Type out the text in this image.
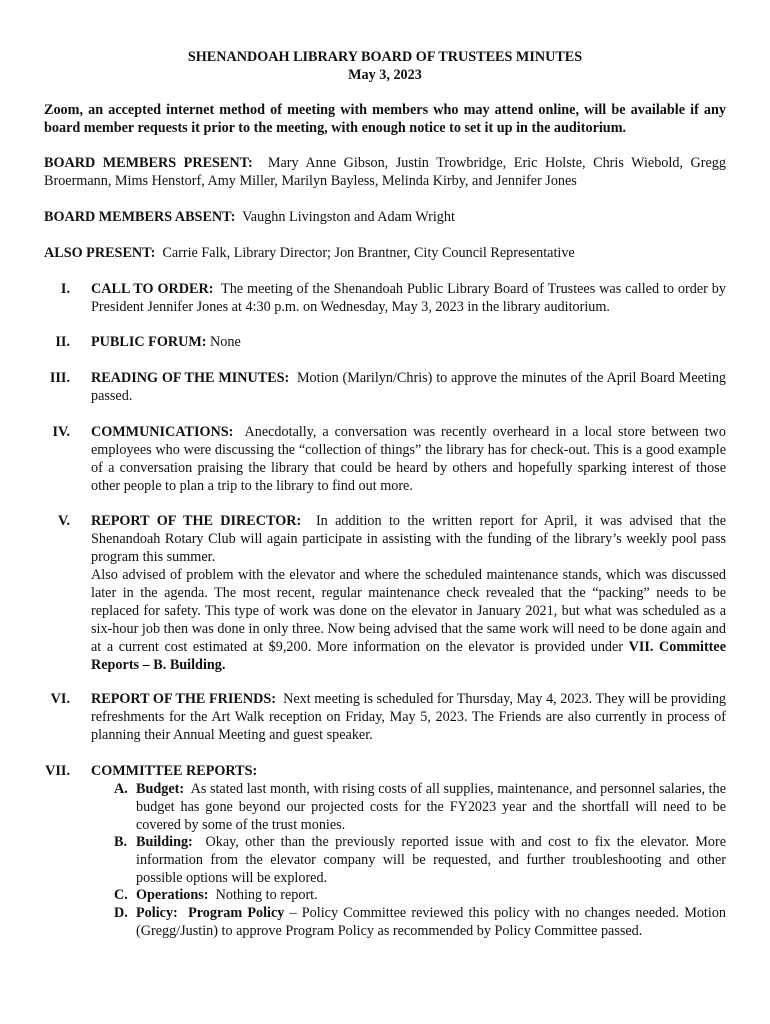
SHENANDOAH LIBRARY BOARD OF TRUSTEES MINUTES
May 3, 2023
Zoom, an accepted internet method of meeting with members who may attend online, will be available if any board member requests it prior to the meeting, with enough notice to set it up in the auditorium.
BOARD MEMBERS PRESENT: Mary Anne Gibson, Justin Trowbridge, Eric Holste, Chris Wiebold, Gregg Broermann, Mims Henstorf, Amy Miller, Marilyn Bayless, Melinda Kirby, and Jennifer Jones
BOARD MEMBERS ABSENT: Vaughn Livingston and Adam Wright
ALSO PRESENT: Carrie Falk, Library Director; Jon Brantner, City Council Representative
I. CALL TO ORDER: The meeting of the Shenandoah Public Library Board of Trustees was called to order by President Jennifer Jones at 4:30 p.m. on Wednesday, May 3, 2023 in the library auditorium.
II. PUBLIC FORUM: None
III. READING OF THE MINUTES: Motion (Marilyn/Chris) to approve the minutes of the April Board Meeting passed.
IV. COMMUNICATIONS: Anecdotally, a conversation was recently overheard in a local store between two employees who were discussing the “collection of things” the library has for check-out. This is a good example of a conversation praising the library that could be heard by others and hopefully sparking interest of those other people to plan a trip to the library to find out more.
V. REPORT OF THE DIRECTOR: In addition to the written report for April, it was advised that the Shenandoah Rotary Club will again participate in assisting with the funding of the library’s weekly pool pass program this summer.
Also advised of problem with the elevator and where the scheduled maintenance stands, which was discussed later in the agenda. The most recent, regular maintenance check revealed that the “packing” needs to be replaced for safety. This type of work was done on the elevator in January 2021, but what was scheduled as a six-hour job then was done in only three. Now being advised that the same work will need to be done again and at a current cost estimated at $9,200. More information on the elevator is provided under VII. Committee Reports – B. Building.
VI. REPORT OF THE FRIENDS: Next meeting is scheduled for Thursday, May 4, 2023. They will be providing refreshments for the Art Walk reception on Friday, May 5, 2023. The Friends are also currently in process of planning their Annual Meeting and guest speaker.
VII. COMMITTEE REPORTS:
A. Budget: As stated last month, with rising costs of all supplies, maintenance, and personnel salaries, the budget has gone beyond our projected costs for the FY2023 year and the shortfall will need to be covered by some of the trust monies.
B. Building: Okay, other than the previously reported issue with and cost to fix the elevator. More information from the elevator company will be requested, and further troubleshooting and other possible options will be explored.
C. Operations: Nothing to report.
D. Policy: Program Policy – Policy Committee reviewed this policy with no changes needed. Motion (Gregg/Justin) to approve Program Policy as recommended by Policy Committee passed.
